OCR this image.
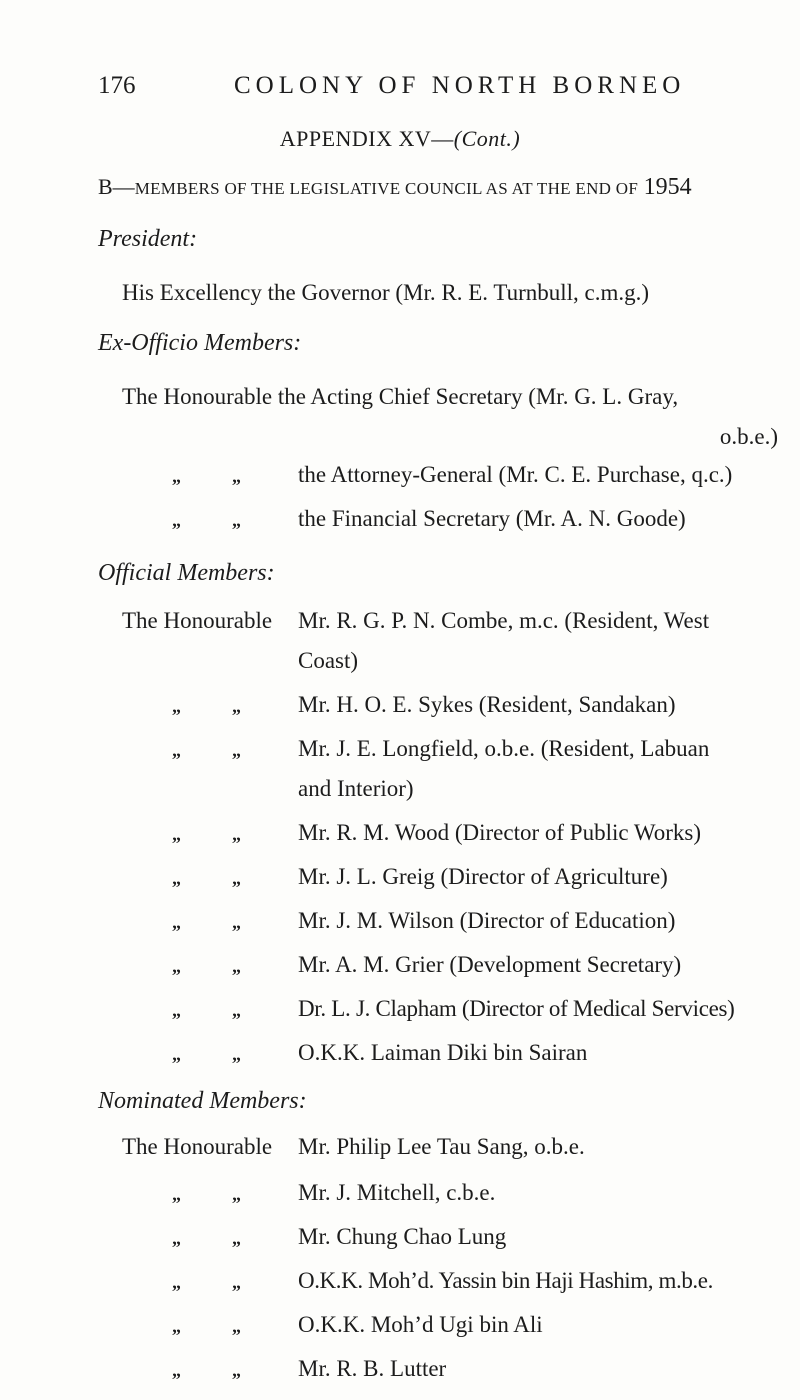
176	COLONY OF NORTH BORNEO
APPENDIX XV—(Cont.)
B—MEMBERS OF THE LEGISLATIVE COUNCIL AS AT THE END OF 1954
President:
His Excellency the Governor (Mr. R. E. Turnbull, c.m.g.)
Ex-Officio Members:
The Honourable the Acting Chief Secretary (Mr. G. L. Gray,
o.b.e.)
„	„ the Attorney-General (Mr. C. E. Purchase, q.c.)
„	„ the Financial Secretary (Mr. A. N. Goode)
Official Members:
The Honourable Mr. R. G. P. N. Combe, m.c. (Resident, West
Coast)
„	„ Mr. H. O. E. Sykes (Resident, Sandakan)
„	„ Mr. J. E. Longfield, o.b.e. (Resident, Labuan
and Interior)
„	„ Mr. R. M. Wood (Director of Public Works)
„	„ Mr. J. L. Greig (Director of Agriculture)
„	„ Mr. J. M. Wilson (Director of Education)
„	„ Mr. A. M. Grier (Development Secretary)
„	„ Dr. L. J. Clapham (Director of Medical Services)
„	„ O.K.K. Laiman Diki bin Sairan
Nominated Members:
The Honourable Mr. Philip Lee Tau Sang, o.b.e.
„	„ Mr. J. Mitchell, c.b.e.
„	„ Mr. Chung Chao Lung
„	„ O.K.K. Moh’d. Yassin bin Haji Hashim, m.b.e.
„	„ O.K.K. Moh’d Ugi bin Ali
„	„ Mr. R. B. Lutter
